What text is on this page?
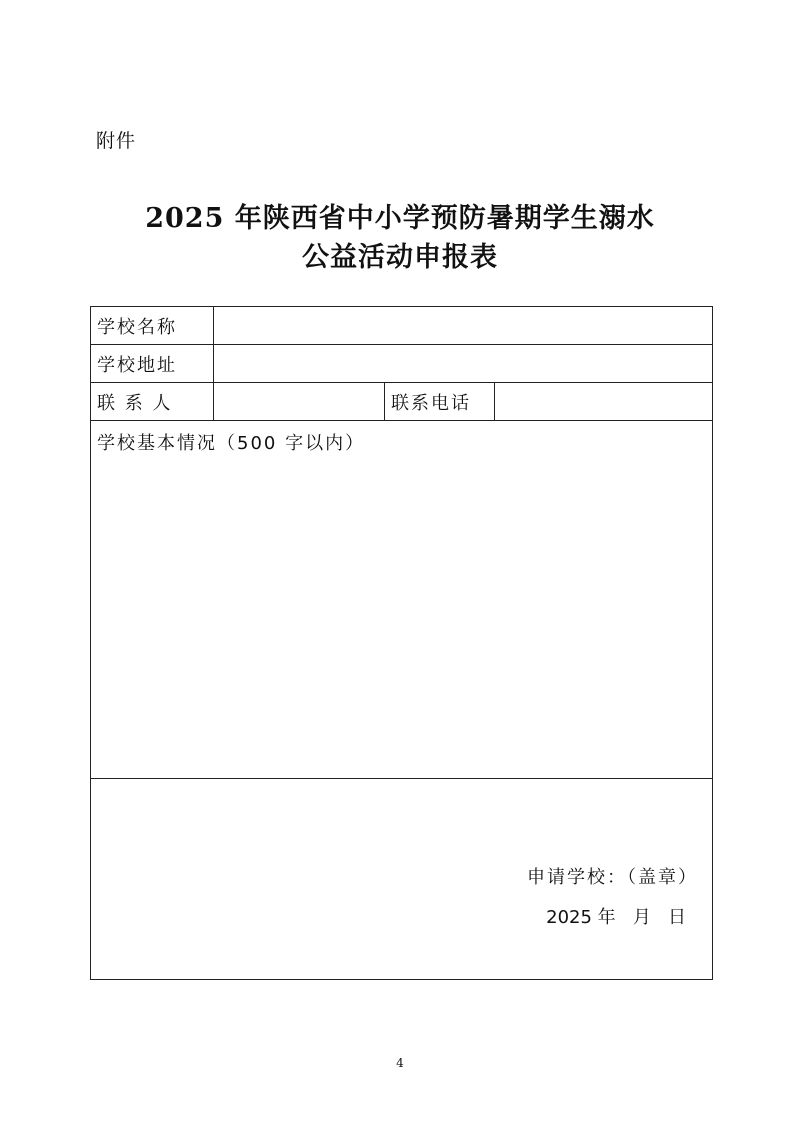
附件
2025 年陕西省中小学预防暑期学生溺水
公益活动申报表
学校名称			
学校地址			
联 系 人		联系电话	

学校基本情况（500 字以内）			

申请学校：（盖章）
2025 年   月   日			
4
